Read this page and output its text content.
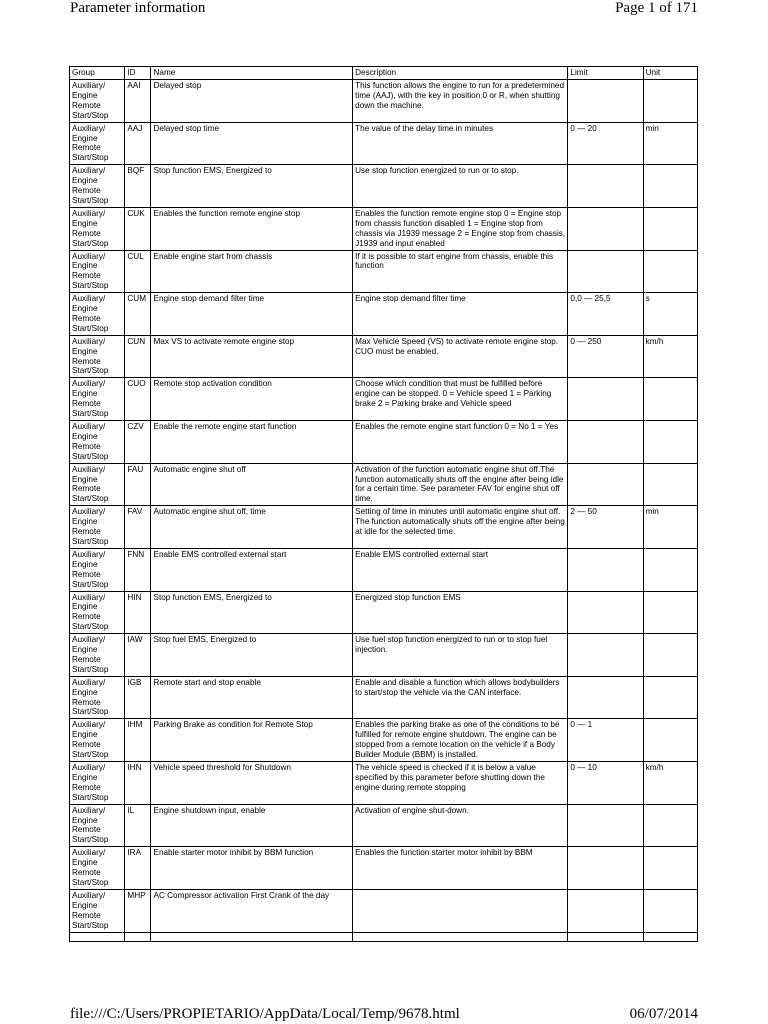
Parameter information	Page 1 of 171
Group	ID	Name	Description	Limit	Unit
Auxiliary/ Engine Remote Start/Stop	AAI	Delayed stop	This function allows the engine to run for a predetermined time (AAJ), with the key in position 0 or R, when shutting down the machine.		
Auxiliary/ Engine Remote Start/Stop	AAJ	Delayed stop time	The value of the delay time in minutes	0 — 20	min
Auxiliary/ Engine Remote Start/Stop	BQF	Stop function EMS, Energized to	Use stop function energized to run or to stop.		
Auxiliary/ Engine Remote Start/Stop	CUK	Enables the function remote engine stop	Enables the function remote engine stop 0 = Engine stop from chassis function disabled 1 = Engine stop from chassis via J1939 message 2 = Engine stop from chassis, J1939 and input enabled		
Auxiliary/ Engine Remote Start/Stop	CUL	Enable engine start from chassis	If it is possible to start engine from chassis, enable this function		
Auxiliary/ Engine Remote Start/Stop	CUM	Engine stop demand filter time	Engine stop demand filter time	0,0 — 25,5	s
Auxiliary/ Engine Remote Start/Stop	CUN	Max VS to activate remote engine stop	Max Vehicle Speed (VS) to activate remote engine stop. CUO must be enabled.	0 — 250	km/h
Auxiliary/ Engine Remote Start/Stop	CUO	Remote stop activation condition	Choose which condition that must be fulfilled before engine can be stopped. 0 = Vehicle speed 1 = Parking brake 2 = Parking brake and Vehicle speed		
Auxiliary/ Engine Remote Start/Stop	CZV	Enable the remote engine start function	Enables the remote engine start function 0 = No 1 = Yes		
Auxiliary/ Engine Remote Start/Stop	FAU	Automatic engine shut off	Activation of the function automatic engine shut off.The function automatically shuts off the engine after being idle for a certain time. See parameter FAV for engine shut off time.		
Auxiliary/ Engine Remote Start/Stop	FAV	Automatic engine shut off, time	Setting of time in minutes until automatic engine shut off. The function automatically shuts off the engine after being at idle for the selected time.	2 — 50	min
Auxiliary/ Engine Remote Start/Stop	FNN	Enable EMS controlled external start	Enable EMS controlled external start		
Auxiliary/ Engine Remote Start/Stop	HIN	Stop function EMS, Energized to	Energized stop function EMS		
Auxiliary/ Engine Remote Start/Stop	IAW	Stop fuel EMS, Energized to	Use fuel stop function energized to run or to stop fuel injection.		
Auxiliary/ Engine Remote Start/Stop	IGB	Remote start and stop enable	Enable and disable a function which allows bodybuilders to start/stop the vehicle via the CAN interface.		
Auxiliary/ Engine Remote Start/Stop	IHM	Parking Brake as condition for Remote Stop	Enables the parking brake as one of the conditions to be fulfilled for remote engine shutdown. The engine can be stopped from a remote location on the vehicle if a Body Builder Module (BBM) is installed.	0 — 1	
Auxiliary/ Engine Remote Start/Stop	IHN	Vehicle speed threshold for Shutdown	The vehicle speed is checked if it is below a value specified by this parameter before shutting down the engine during remote stopping	0 — 10	km/h
Auxiliary/ Engine Remote Start/Stop	IL	Engine shutdown input, enable	Activation of engine shut-down.		
Auxiliary/ Engine Remote Start/Stop	IRA	Enable starter motor inhibit by BBM function	Enables the function starter motor inhibit by BBM		
Auxiliary/ Engine Remote Start/Stop	MHP	AC Compressor activation First Crank of the day			

file:///C:/Users/PROPIETARIO/AppData/Local/Temp/9678.html	06/07/2014
